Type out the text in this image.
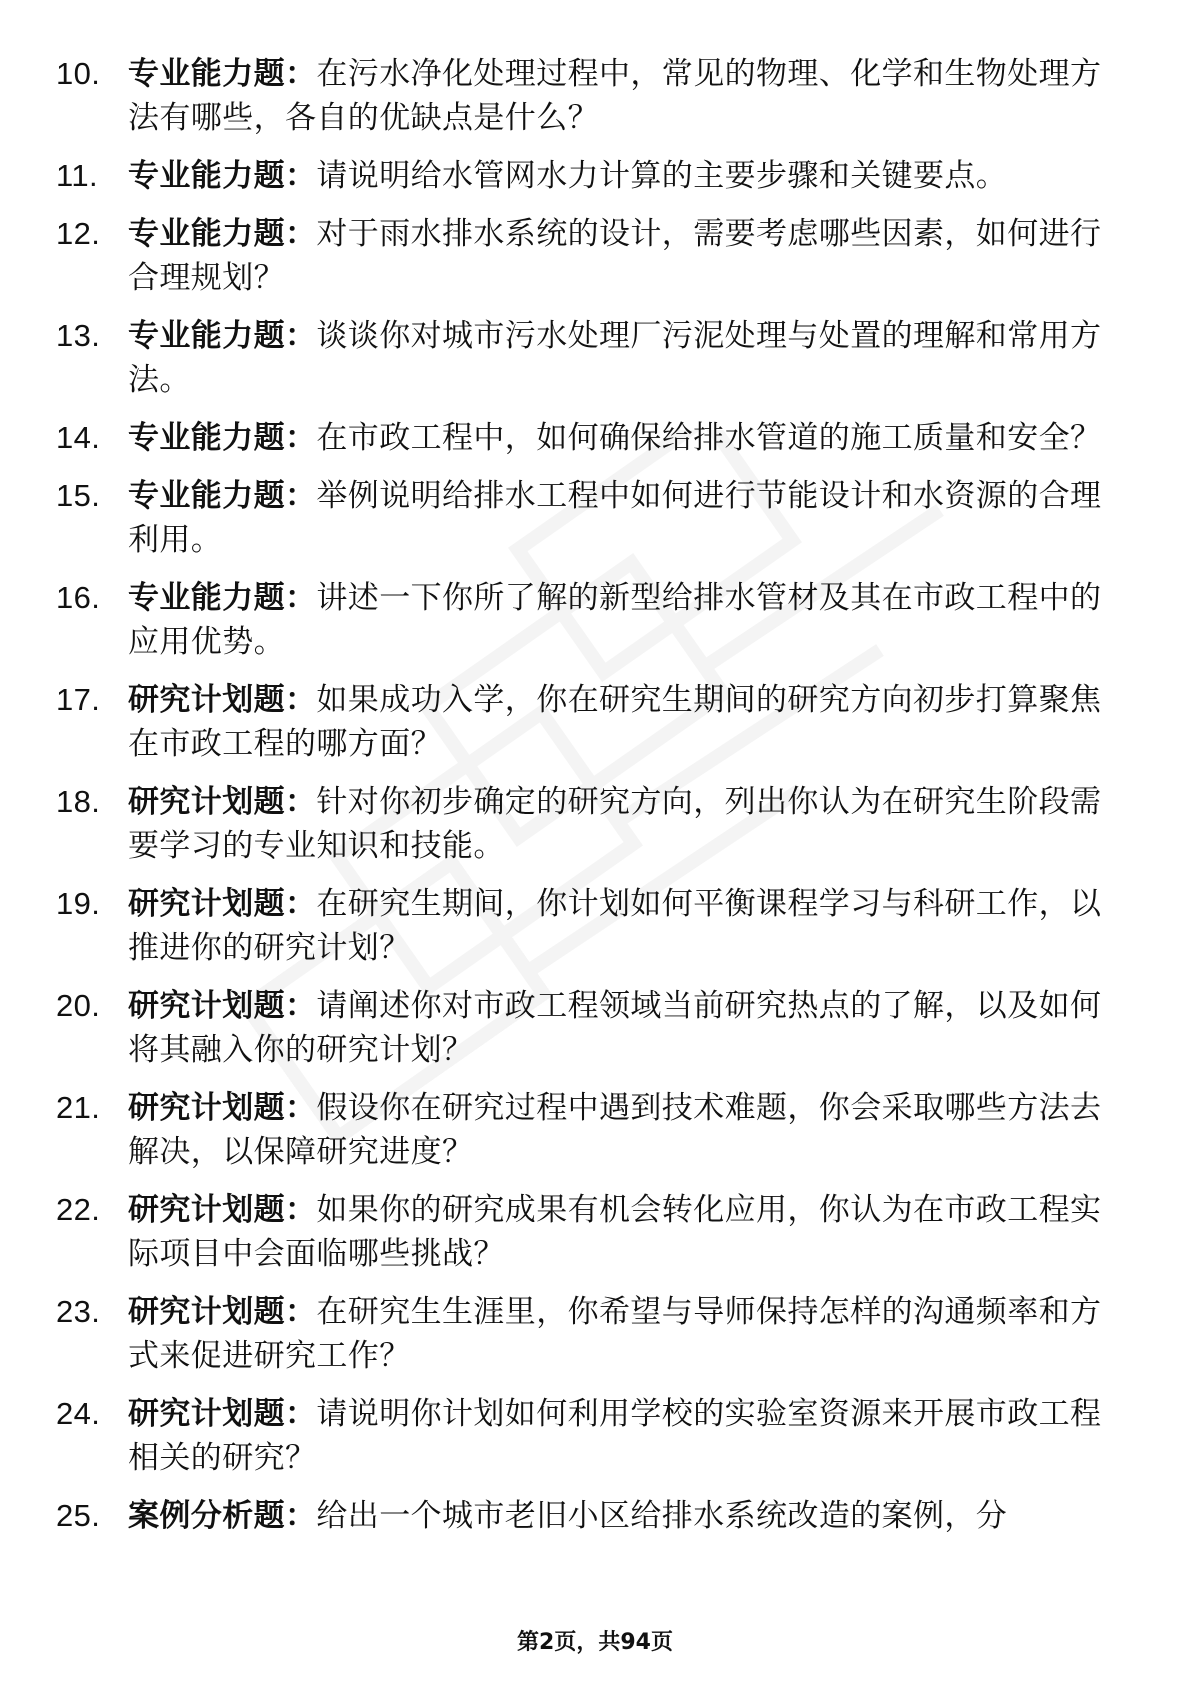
10. 专业能力题：在污水净化处理过程中，常见的物理、化学和生物处理方法有哪些，各自的优缺点是什么？
11. 专业能力题：请说明给水管网水力计算的主要步骤和关键要点。
12. 专业能力题：对于雨水排水系统的设计，需要考虑哪些因素，如何进行合理规划？
13. 专业能力题：谈谈你对城市污水处理厂污泥处理与处置的理解和常用方法。
14. 专业能力题：在市政工程中，如何确保给排水管道的施工质量和安全？
15. 专业能力题：举例说明给排水工程中如何进行节能设计和水资源的合理利用。
16. 专业能力题：讲述一下你所了解的新型给排水管材及其在市政工程中的应用优势。
17. 研究计划题：如果成功入学，你在研究生期间的研究方向初步打算聚焦在市政工程的哪方面？
18. 研究计划题：针对你初步确定的研究方向，列出你认为在研究生阶段需要学习的专业知识和技能。
19. 研究计划题：在研究生期间，你计划如何平衡课程学习与科研工作，以推进你的研究计划？
20. 研究计划题：请阐述你对市政工程领域当前研究热点的了解，以及如何将其融入你的研究计划？
21. 研究计划题：假设你在研究过程中遇到技术难题，你会采取哪些方法去解决，以保障研究进度？
22. 研究计划题：如果你的研究成果有机会转化应用，你认为在市政工程实际项目中会面临哪些挑战？
23. 研究计划题：在研究生生涯里，你希望与导师保持怎样的沟通频率和方式来促进研究工作？
24. 研究计划题：请说明你计划如何利用学校的实验室资源来开展市政工程相关的研究？
25. 案例分析题：给出一个城市老旧小区给排水系统改造的案例，分
第2页，共94页
